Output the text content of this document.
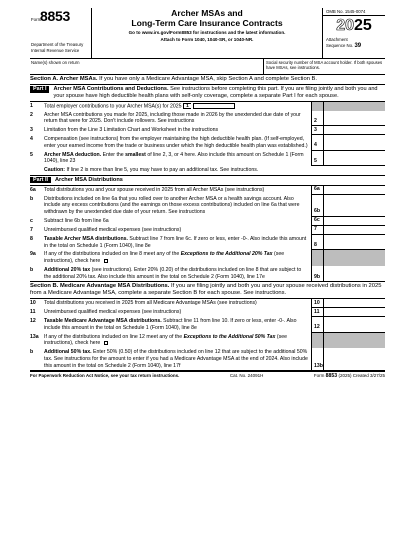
Form
8853
Department of the Treasury
Internal Revenue Service
Archer MSAs and
Long-Term Care Insurance Contracts
Go to www.irs.gov/Form8853 for instructions and the latest information.
Attach to Form 1040, 1040-SR, or 1040-NR.
OMB No. 1545-0074
2025
Attachment
Sequence No. 39
Name(s) shown on return	Social security number of MSA account holder. If both spouses have MSAs, see instructions.
Section A. Archer MSAs. If you have only a Medicare Advantage MSA, skip Section A and complete Section B.
Part I	Archer MSA Contributions and Deductions. See instructions before completing this part. If you are filing jointly and both you and your spouse have high deductible health plans with self-only coverage, complete a separate Part I for each spouse.
1	Total employer contributions to your Archer MSA(s) for 2025 1
2	Archer MSA contributions you made for 2025, including those made in 2026 by the unextended due date of your return that were for 2025. Don't include rollovers. See instructions	2
3	Limitation from the Line 3 Limitation Chart and Worksheet in the instructions	3
4	Compensation (see instructions) from the employer maintaining the high deductible health plan. (If self-employed, enter your earned income from the trade or business under which the high deductible health plan was established.)	4
5	Archer MSA deduction. Enter the smallest of line 2, 3, or 4 here. Also include this amount on Schedule 1 (Form 1040), line 23	5
Caution: If line 2 is more than line 5, you may have to pay an additional tax. See instructions.
Part II	Archer MSA Distributions
6a	Total distributions you and your spouse received in 2025 from all Archer MSAs (see instructions)	6a
b	Distributions included on line 6a that you rolled over to another Archer MSA or a health savings account. Also include any excess contributions (and the earnings on those excess contributions) included on line 6a that were withdrawn by the unextended due date of your return. See instructions	6b
c	Subtract line 6b from line 6a	6c
7	Unreimbursed qualified medical expenses (see instructions)	7
8	Taxable Archer MSA distributions. Subtract line 7 from line 6c. If zero or less, enter -0-. Also include this amount in the total on Schedule 1 (Form 1040), line 8e	8
9a	If any of the distributions included on line 8 meet any of the Exceptions to the Additional 20% Tax (see instructions), check here
b	Additional 20% tax (see instructions). Enter 20% (0.20) of the distributions included on line 8 that are subject to the additional 20% tax. Also include this amount in the total on Schedule 2 (Form 1040), line 17e	9b
Section B. Medicare Advantage MSA Distributions. If you are filing jointly and both you and your spouse received distributions in 2025 from a Medicare Advantage MSA, complete a separate Section B for each spouse. See instructions.
10	Total distributions you received in 2025 from all Medicare Advantage MSAs (see instructions)	10
11	Unreimbursed qualified medical expenses (see instructions)	11
12	Taxable Medicare Advantage MSA distributions. Subtract line 11 from line 10. If zero or less, enter -0-. Also include this amount in the total on Schedule 1 (Form 1040), line 8e	12
13a	If any of the distributions included on line 12 meet any of the Exceptions to the Additional 50% Tax (see instructions), check here
b	Additional 50% tax. Enter 50% (0.50) of the distributions included on line 12 that are subject to the additional 50% tax. See instructions for the amount to enter if you had a Medicare Advantage MSA at the end of 2024. Also include this amount in the total on Schedule 2 (Form 1040), line 17f	13b
For Paperwork Reduction Act Notice, see your tax return instructions.	Cat. No. 24091H	Form 8853 (2025) Created 3/27/25
